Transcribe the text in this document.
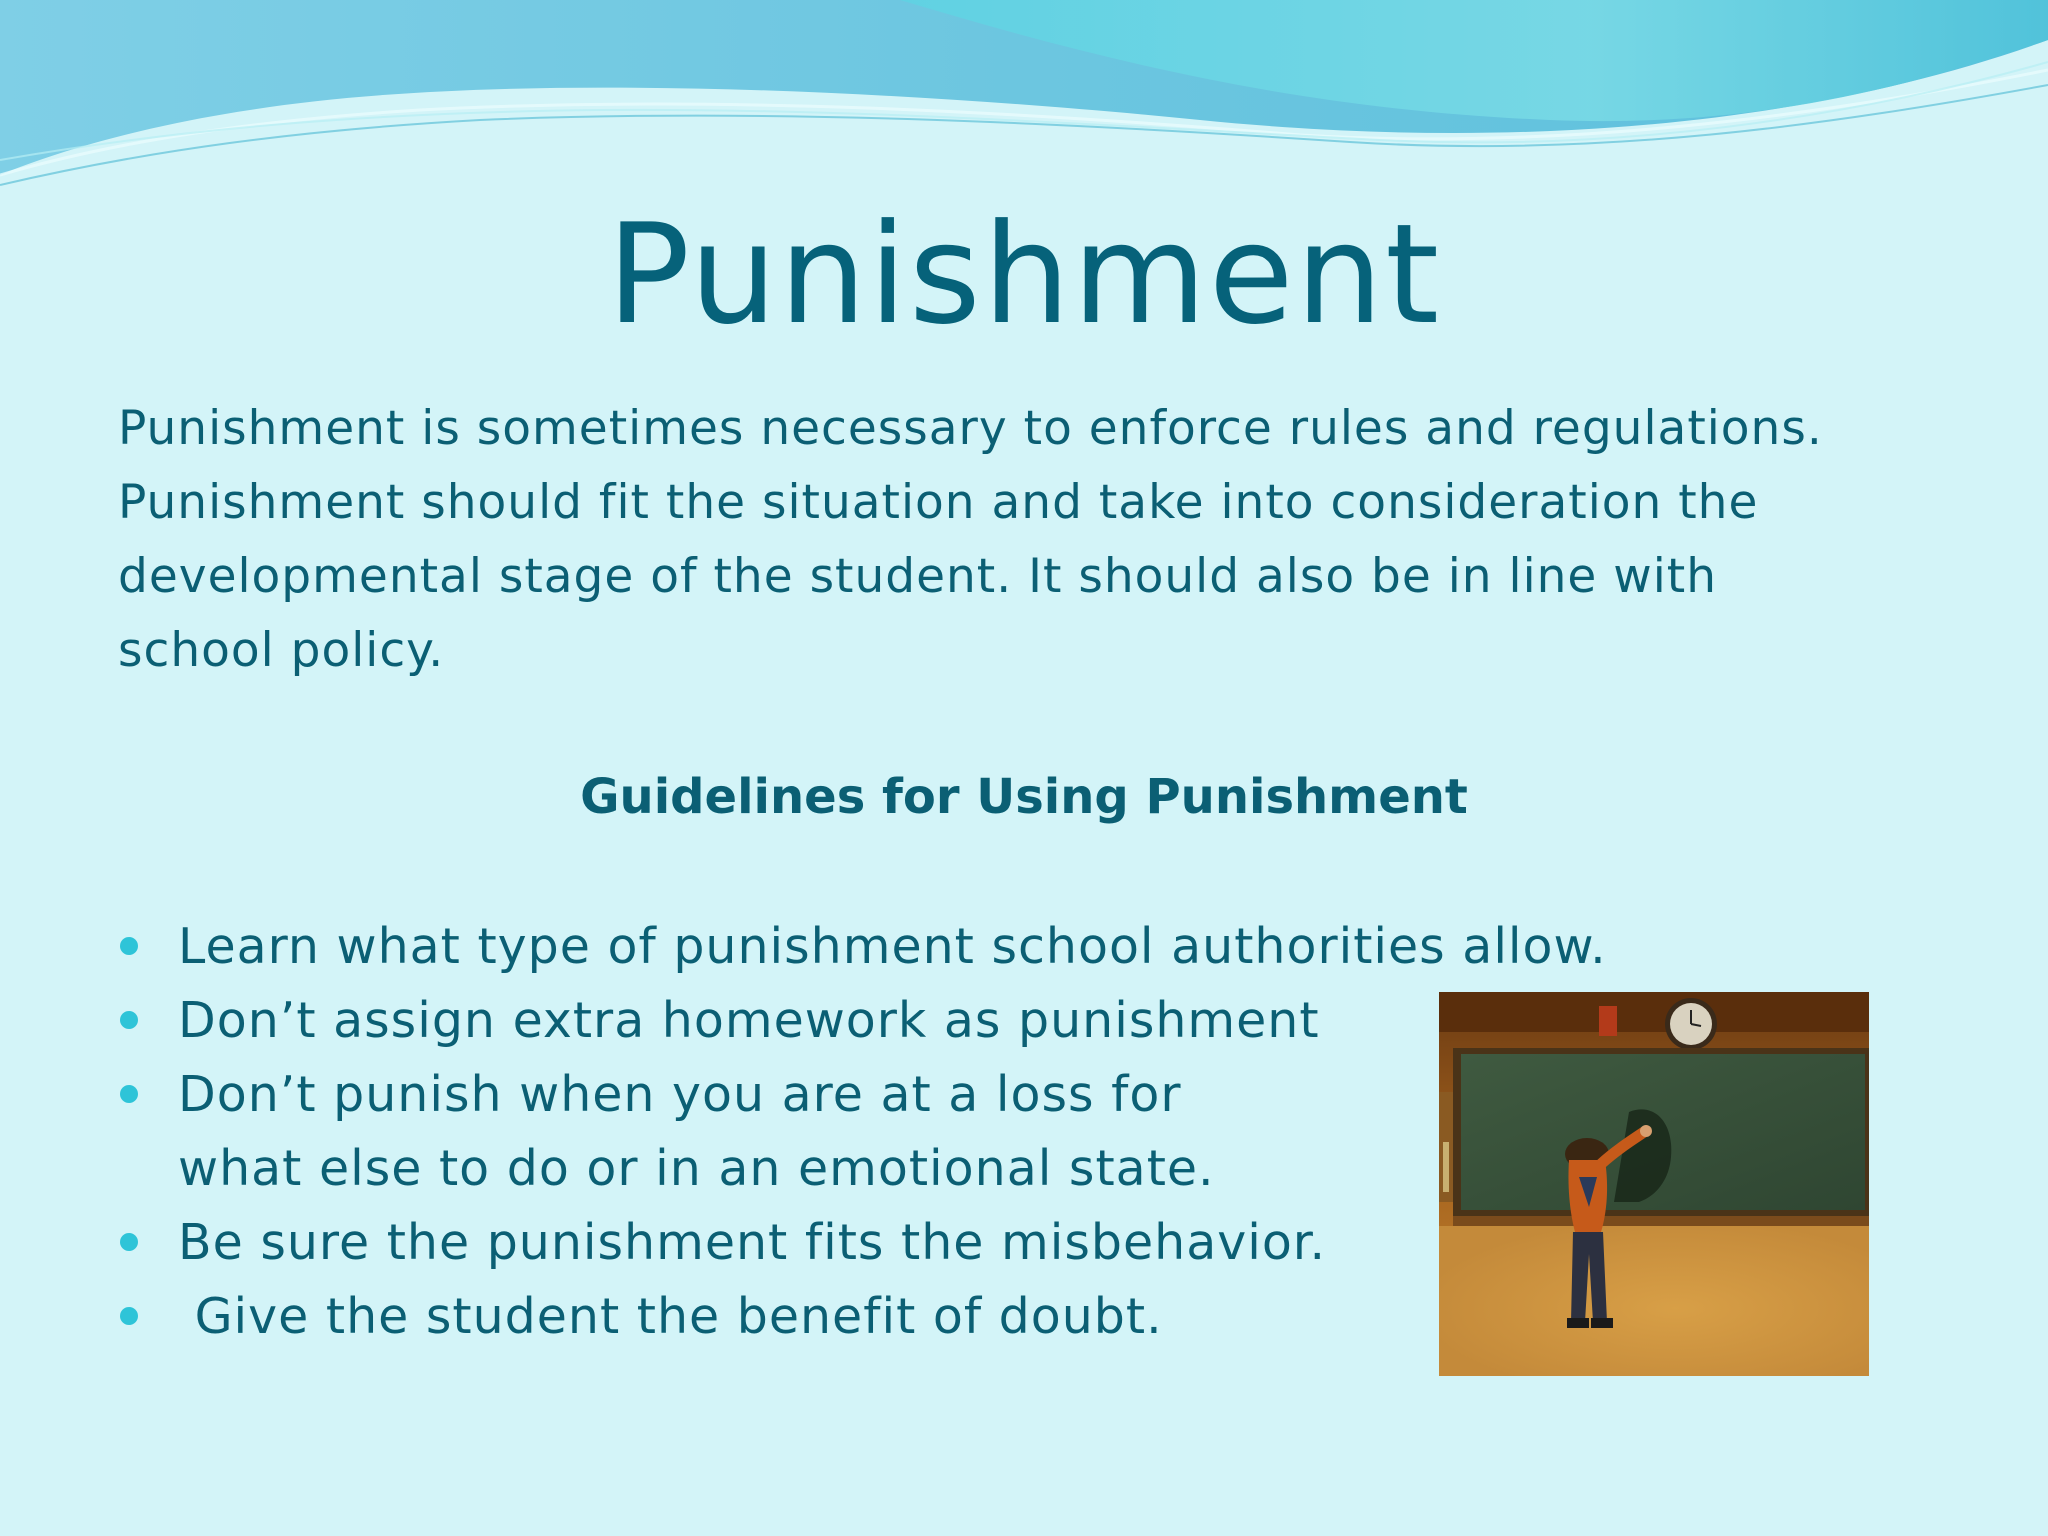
Punishment

Punishment is sometimes necessary to enforce rules and regulations.
Punishment should fit the situation and take into consideration the
developmental stage of the student. It should also be in line with
school policy.

Guidelines for Using Punishment
Learn what type of punishment school authorities allow.
Don’t assign extra homework as punishment
Don’t punish when you are at a loss for
what else to do or in an emotional state.
Be sure the punishment fits the misbehavior.
Give the student the benefit of doubt.
